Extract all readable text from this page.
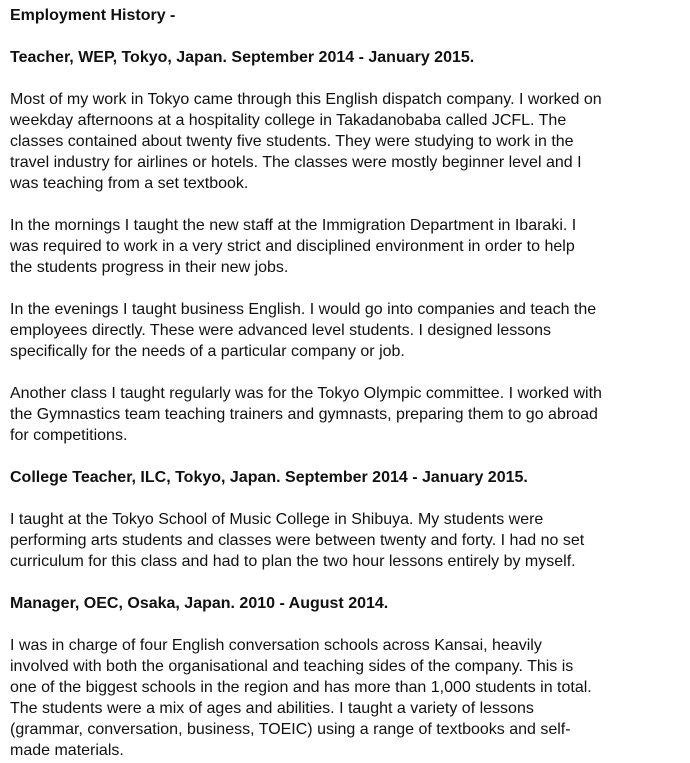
Employment History -
Teacher, WEP, Tokyo, Japan. September 2014 - January 2015.
Most of my work in Tokyo came through this English dispatch company. I worked on
weekday afternoons at a hospitality college in Takadanobaba called JCFL. The
classes contained about twenty five students. They were studying to work in the
travel industry for airlines or hotels. The classes were mostly beginner level and I
was teaching from a set textbook.
In the mornings I taught the new staff at the Immigration Department in Ibaraki. I
was required to work in a very strict and disciplined environment in order to help
the students progress in their new jobs.
In the evenings I taught business English. I would go into companies and teach the
employees directly. These were advanced level students. I designed lessons
specifically for the needs of a particular company or job.
Another class I taught regularly was for the Tokyo Olympic committee. I worked with
the Gymnastics team teaching trainers and gymnasts, preparing them to go abroad
for competitions.
College Teacher, ILC, Tokyo, Japan. September 2014 - January 2015.
I taught at the Tokyo School of Music College in Shibuya. My students were
performing arts students and classes were between twenty and forty. I had no set
curriculum for this class and had to plan the two hour lessons entirely by myself.
Manager, OEC, Osaka, Japan. 2010 - August 2014.
I was in charge of four English conversation schools across Kansai, heavily
involved with both the organisational and teaching sides of the company. This is
one of the biggest schools in the region and has more than 1,000 students in total.
The students were a mix of ages and abilities. I taught a variety of lessons
(grammar, conversation, business, TOEIC) using a range of textbooks and self-
made materials.
